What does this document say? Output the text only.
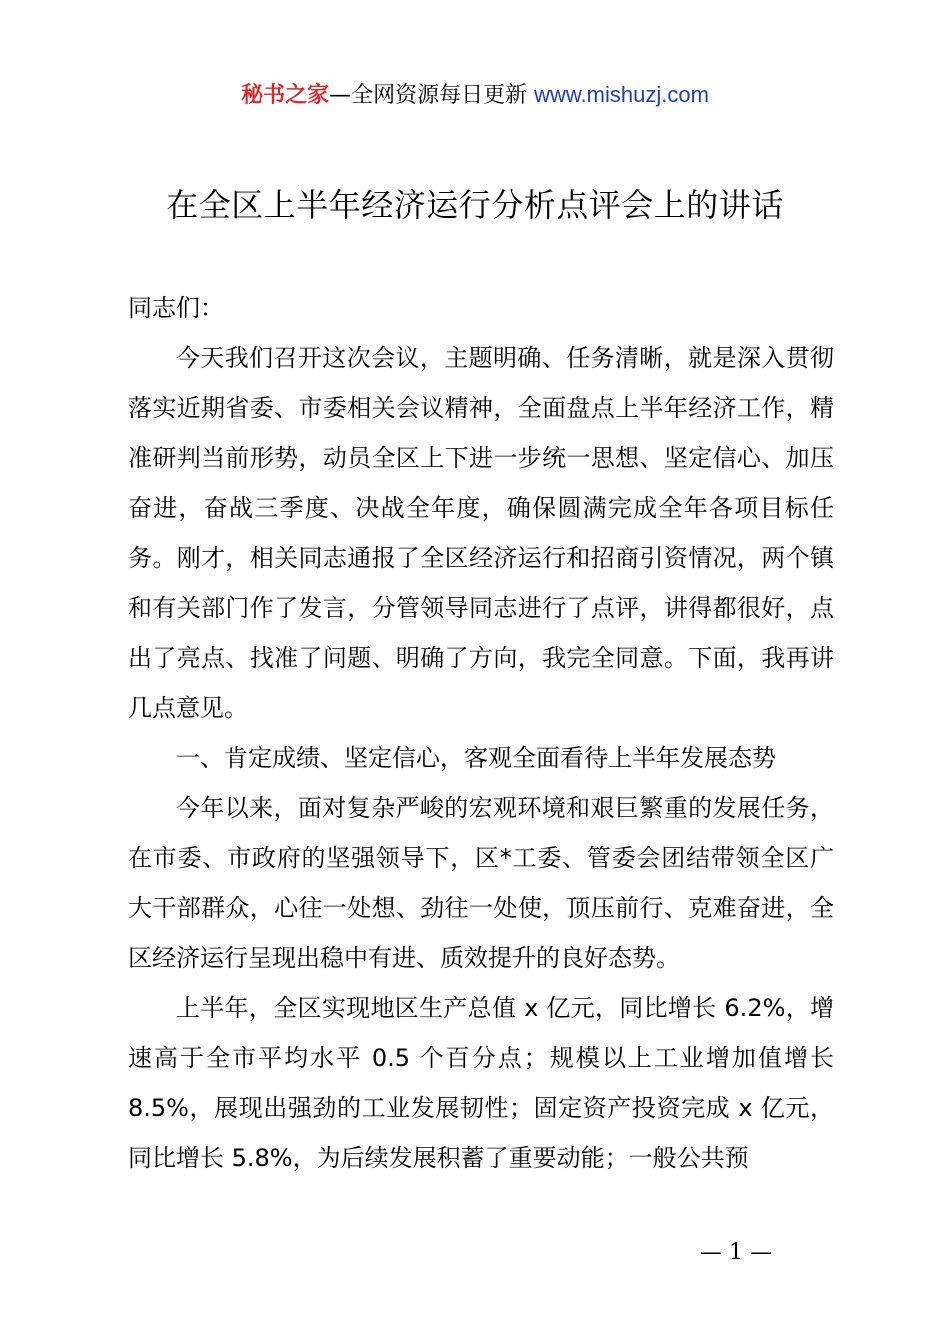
秘书之家—全网资源每日更新 www.mishuzj.com
在全区上半年经济运行分析点评会上的讲话

同志们：

今天我们召开这次会议，主题明确、任务清晰，就是深入贯彻落实近期省委、市委相关会议精神，全面盘点上半年经济工作，精准研判当前形势，动员全区上下进一步统一思想、坚定信心、加压奋进，奋战三季度、决战全年度，确保圆满完成全年各项目标任务。刚才，相关同志通报了全区经济运行和招商引资情况，两个镇和有关部门作了发言，分管领导同志进行了点评，讲得都很好，点出了亮点、找准了问题、明确了方向，我完全同意。下面，我再讲几点意见。

一、肯定成绩、坚定信心，客观全面看待上半年发展态势

今年以来，面对复杂严峻的宏观环境和艰巨繁重的发展任务，在市委、市政府的坚强领导下，区*工委、管委会团结带领全区广大干部群众，心往一处想、劲往一处使，顶压前行、克难奋进，全区经济运行呈现出稳中有进、质效提升的良好态势。

上半年，全区实现地区生产总值 x 亿元，同比增长 6.2%，增速高于全市平均水平 0.5 个百分点；规模以上工业增加值增长 8.5%，展现出强劲的工业发展韧性；固定资产投资完成 x 亿元，同比增长 5.8%，为后续发展积蓄了重要动能；一般公共预

— 1 —
